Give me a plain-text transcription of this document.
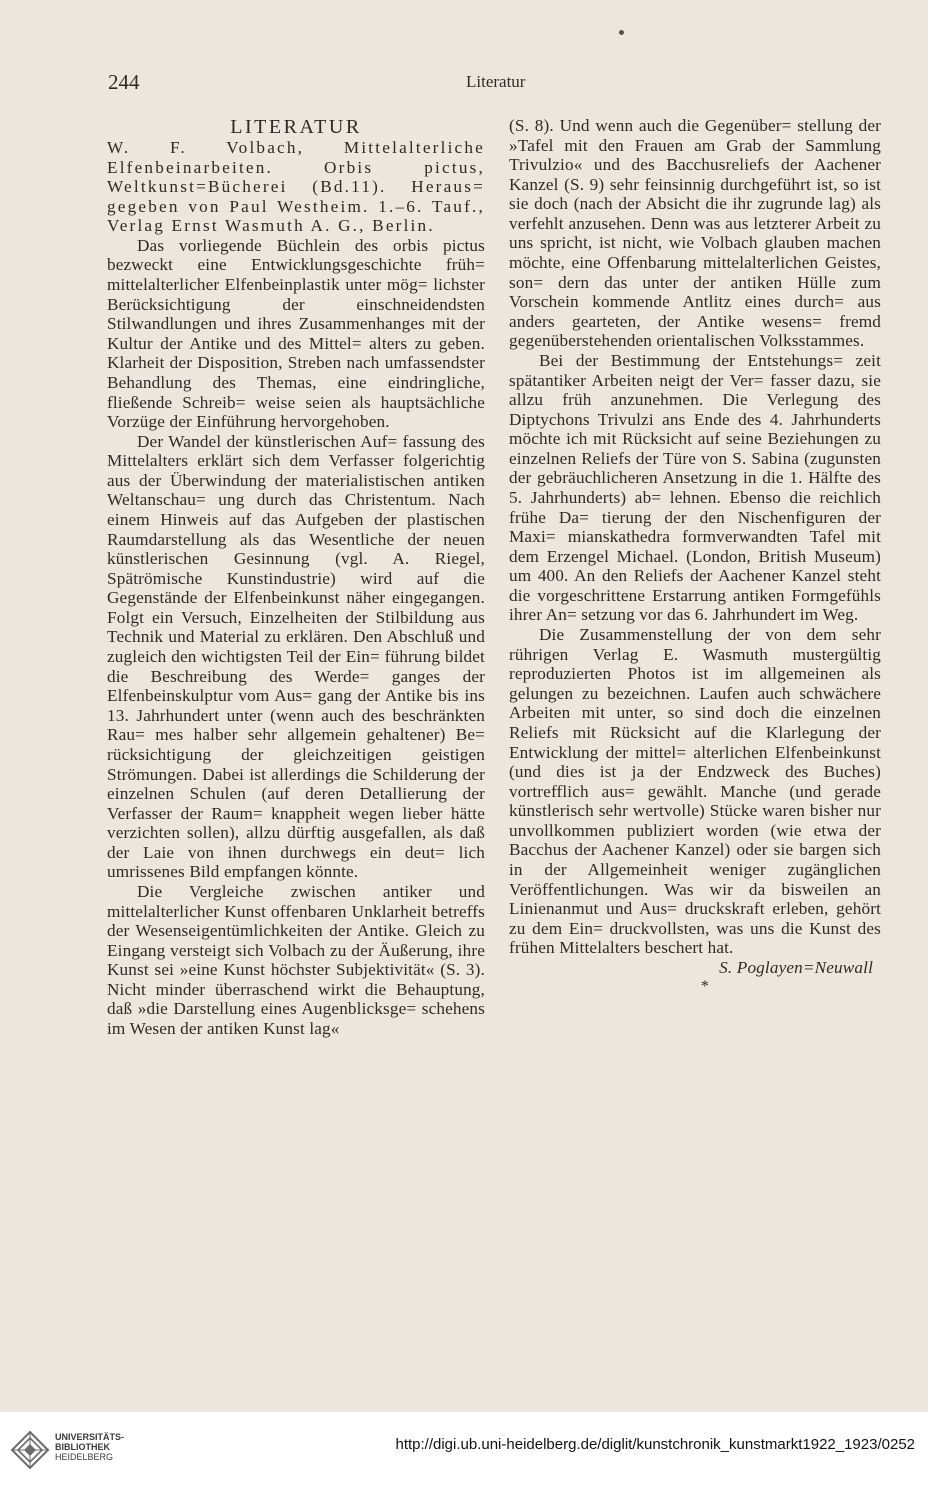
244	Literatur

LITERATUR

W. F. Volbach, Mittelalterliche Elfenbeinarbeiten. Orbis pictus, Weltkunst=Bücherei (Bd.11). Heraus= gegeben von Paul Westheim. 1.–6. Tauf., Verlag Ernst Wasmuth A. G., Berlin.

Das vorliegende Büchlein des orbis pictus bezweckt eine Entwicklungsgeschichte früh= mittelalterlicher Elfenbeinplastik unter mög= lichster Berücksichtigung der einschneidendsten Stilwandlungen und ihres Zusammenhanges mit der Kultur der Antike und des Mittel= alters zu geben. Klarheit der Disposition, Streben nach umfassendster Behandlung des Themas, eine eindringliche, fließende Schreib= weise seien als hauptsächliche Vorzüge der Einführung hervorgehoben.

Der Wandel der künstlerischen Auf= fassung des Mittelalters erklärt sich dem Verfasser folgerichtig aus der Überwindung der materialistischen antiken Weltanschau= ung durch das Christentum. Nach einem Hinweis auf das Aufgeben der plastischen Raumdarstellung als das Wesentliche der neuen künstlerischen Gesinnung (vgl. A. Riegel, Spätrömische Kunstindustrie) wird auf die Gegenstände der Elfenbeinkunst näher eingegangen. Folgt ein Versuch, Einzelheiten der Stilbildung aus Technik und Material zu erklären. Den Abschluß und zugleich den wichtigsten Teil der Ein= führung bildet die Beschreibung des Werde= ganges der Elfenbeinskulptur vom Aus= gang der Antike bis ins 13. Jahrhundert unter (wenn auch des beschränkten Rau= mes halber sehr allgemein gehaltener) Be= rücksichtigung der gleichzeitigen geistigen Strömungen. Dabei ist allerdings die Schilderung der einzelnen Schulen (auf deren Detallierung der Verfasser der Raum= knappheit wegen lieber hätte verzichten sollen), allzu dürftig ausgefallen, als daß der Laie von ihnen durchwegs ein deut= lich umrissenes Bild empfangen könnte.

Die Vergleiche zwischen antiker und mittelalterlicher Kunst offenbaren Unklarheit betreffs der Wesenseigentümlichkeiten der Antike. Gleich zu Eingang versteigt sich Volbach zu der Äußerung, ihre Kunst sei »eine Kunst höchster Subjektivität« (S. 3). Nicht minder überraschend wirkt die Behauptung, daß »die Darstellung eines Augenblicksge= schehens im Wesen der antiken Kunst lag«

(S. 8). Und wenn auch die Gegenüber= stellung der »Tafel mit den Frauen am Grab der Sammlung Trivulzio« und des Bacchusreliefs der Aachener Kanzel (S. 9) sehr feinsinnig durchgeführt ist, so ist sie doch (nach der Absicht die ihr zugrunde lag) als verfehlt anzusehen. Denn was aus letzterer Arbeit zu uns spricht, ist nicht, wie Volbach glauben machen möchte, eine Offenbarung mittelalterlichen Geistes, son= dern das unter der antiken Hülle zum Vorschein kommende Antlitz eines durch= aus anders gearteten, der Antike wesens= fremd gegenüberstehenden orientalischen Volksstammes.

Bei der Bestimmung der Entstehungs= zeit spätantiker Arbeiten neigt der Ver= fasser dazu, sie allzu früh anzunehmen. Die Verlegung des Diptychons Trivulzi ans Ende des 4. Jahrhunderts möchte ich mit Rücksicht auf seine Beziehungen zu einzelnen Reliefs der Türe von S. Sabina (zugunsten der gebräuchlicheren Ansetzung in die 1. Hälfte des 5. Jahrhunderts) ab= lehnen. Ebenso die reichlich frühe Da= tierung der den Nischenfiguren der Maxi= mianskathedra formverwandten Tafel mit dem Erzengel Michael. (London, British Museum) um 400. An den Reliefs der Aachener Kanzel steht die vorgeschrittene Erstarrung antiken Formgefühls ihrer An= setzung vor das 6. Jahrhundert im Weg.

Die Zusammenstellung der von dem sehr rührigen Verlag E. Wasmuth mustergültig reproduzierten Photos ist im allgemeinen als gelungen zu bezeichnen. Laufen auch schwächere Arbeiten mit unter, so sind doch die einzelnen Reliefs mit Rücksicht auf die Klarlegung der Entwicklung der mittel= alterlichen Elfenbeinkunst (und dies ist ja der Endzweck des Buches) vortrefflich aus= gewählt. Manche (und gerade künstlerisch sehr wertvolle) Stücke waren bisher nur unvollkommen publiziert worden (wie etwa der Bacchus der Aachener Kanzel) oder sie bargen sich in der Allgemeinheit weniger zugänglichen Veröffentlichungen. Was wir da bisweilen an Linienanmut und Aus= druckskraft erleben, gehört zu dem Ein= druckvollsten, was uns die Kunst des frühen Mittelalters beschert hat.

S. Poglayen=Neuwall

*

UNIVERSITÄTS-
BIBLIOTHEK
HEIDELBERG
http://digi.ub.uni-heidelberg.de/diglit/kunstchronik_kunstmarkt1922_1923/0252
